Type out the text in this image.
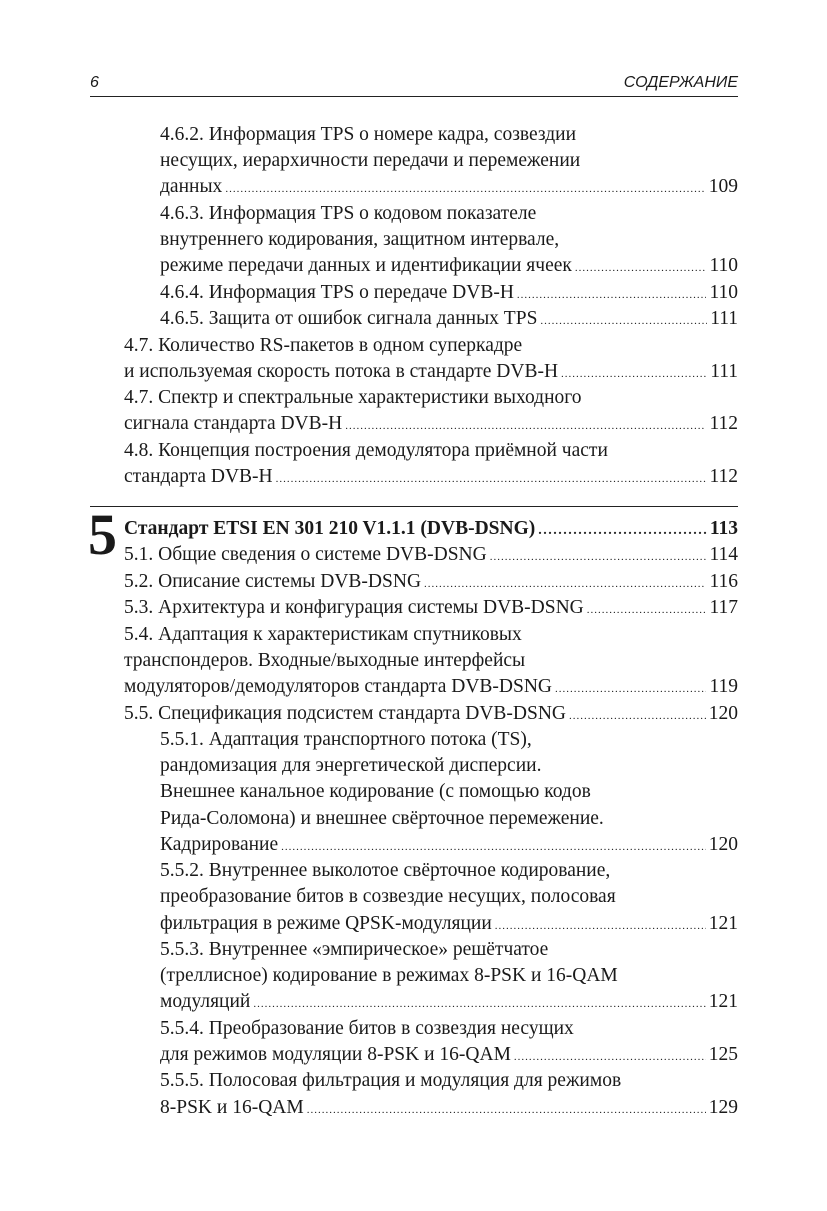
6	СОДЕРЖАНИЕ
4.6.2. Информация TPS о номере кадра, созвездии
несущих, иерархичности передачи и перемежении
данных .....	109
4.6.3. Информация TPS о кодовом показателе
внутреннего кодирования, защитном интервале,
режиме передачи данных и идентификации ячеек .....	110
4.6.4. Информация TPS о передаче DVB-H .....	110
4.6.5. Защита от ошибок сигнала данных TPS .....	111
4.7. Количество RS-пакетов в одном суперкадре
и используемая скорость потока в стандарте DVB-H .....	111
4.7. Спектр и спектральные характеристики выходного
сигнала стандарта DVB-H .....	112
4.8. Концепция построения демодулятора приёмной части
стандарта DVB-H .....	112
5 Стандарт ETSI EN 301 210 V1.1.1 (DVB-DSNG) .....	113
5.1. Общие сведения о системе DVB-DSNG .....	114
5.2. Описание системы DVB-DSNG .....	116
5.3. Архитектура и конфигурация системы DVB-DSNG .....	117
5.4. Адаптация к характеристикам спутниковых
транспондеров. Входные/выходные интерфейсы
модуляторов/демодуляторов стандарта DVB-DSNG .....	119
5.5. Спецификация подсистем стандарта DVB-DSNG .....	120
5.5.1. Адаптация транспортного потока (TS),
рандомизация для энергетической дисперсии.
Внешнее канальное кодирование (с помощью кодов
Рида-Соломона) и внешнее свёрточное перемежение.
Кадрирование .....	120
5.5.2. Внутреннее выколотое свёрточное кодирование,
преобразование битов в созвездие несущих, полосовая
фильтрация в режиме QPSK-модуляции .....	121
5.5.3. Внутреннее «эмпирическое» решётчатое
(треллисное) кодирование в режимах 8-PSK и 16-QAM
модуляций .....	121
5.5.4. Преобразование битов в созвездия несущих
для режимов модуляции 8-PSK и 16-QAM .....	125
5.5.5. Полосовая фильтрация и модуляция для режимов
8-PSK и 16-QAM .....	129
